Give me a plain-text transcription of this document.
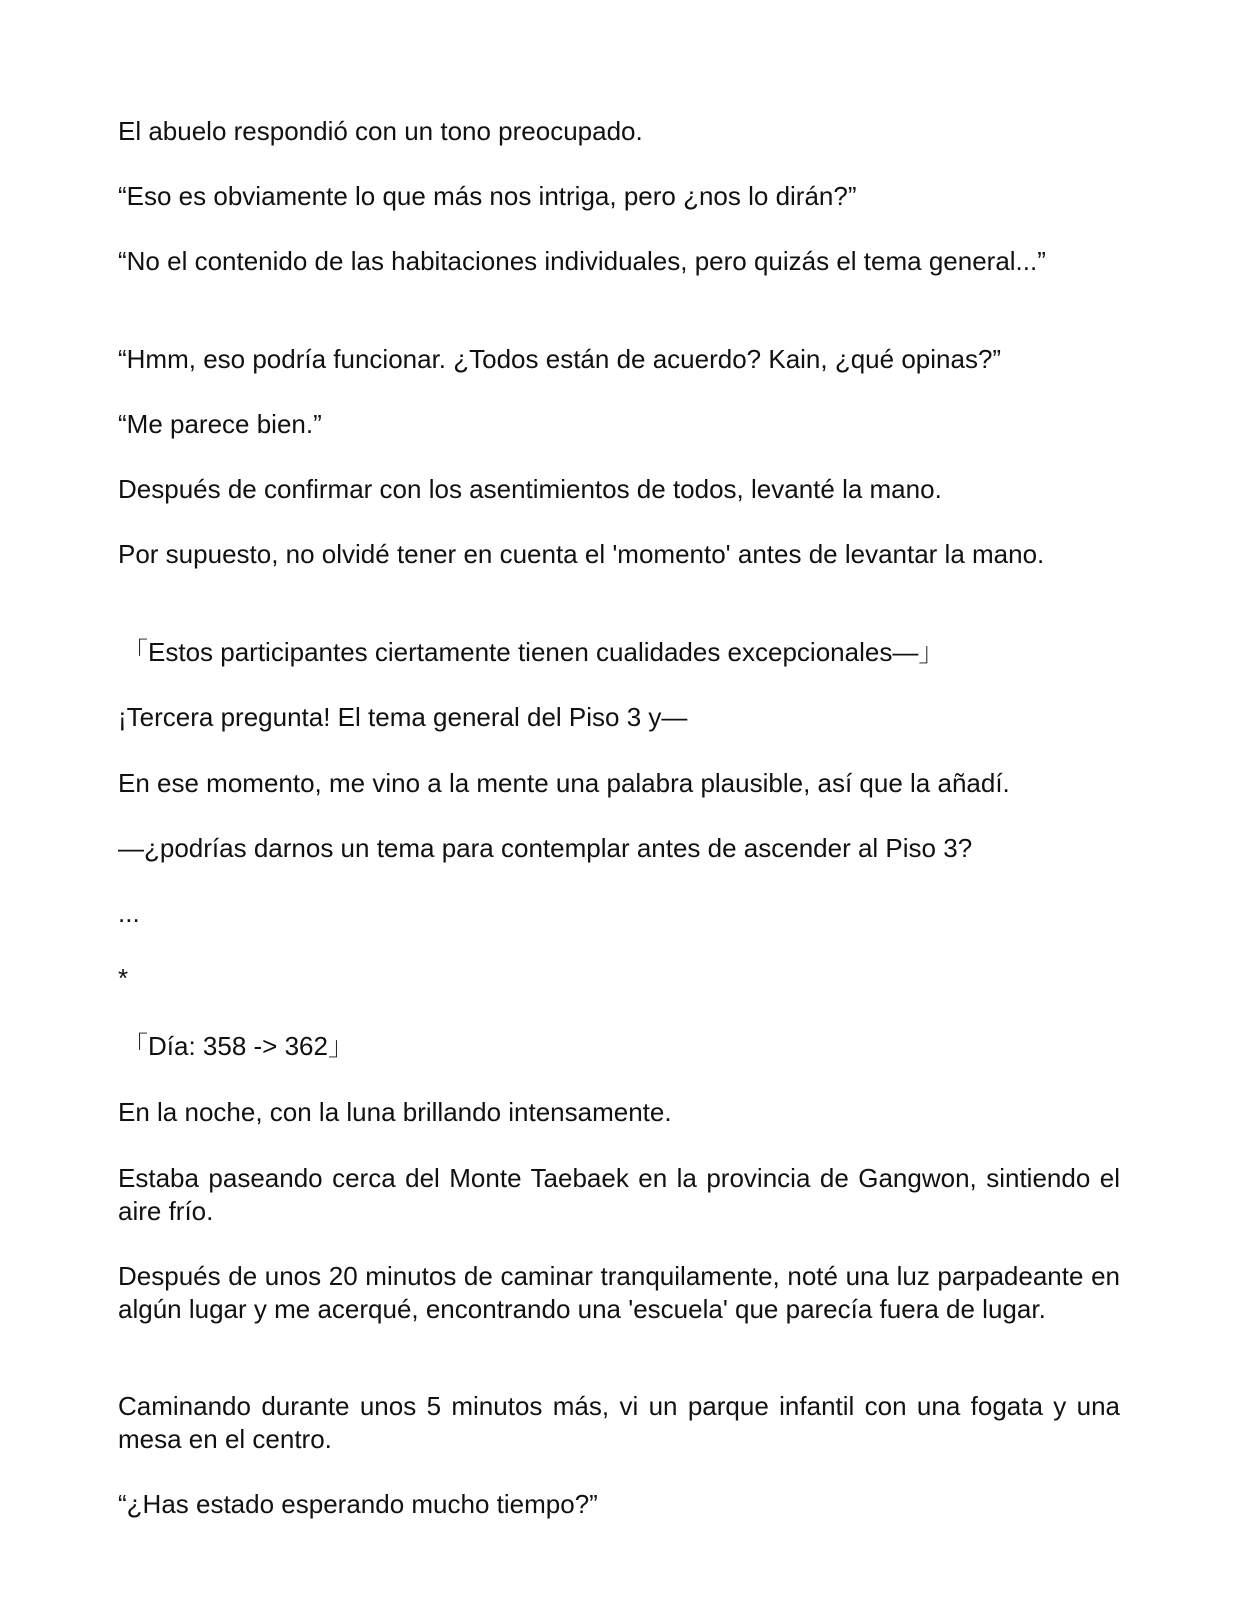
El abuelo respondió con un tono preocupado.

“Eso es obviamente lo que más nos intriga, pero ¿nos lo dirán?”

“No el contenido de las habitaciones individuales, pero quizás el tema general...”

“Hmm, eso podría funcionar. ¿Todos están de acuerdo? Kain, ¿qué opinas?”

“Me parece bien.”

Después de confirmar con los asentimientos de todos, levanté la mano.

Por supuesto, no olvidé tener en cuenta el 'momento' antes de levantar la mano.

「Estos participantes ciertamente tienen cualidades excepcionales—」

¡Tercera pregunta! El tema general del Piso 3 y—

En ese momento, me vino a la mente una palabra plausible, así que la añadí.

—¿podrías darnos un tema para contemplar antes de ascender al Piso 3?

...

*

「Día: 358 -> 362」

En la noche, con la luna brillando intensamente.

Estaba paseando cerca del Monte Taebaek en la provincia de Gangwon, sintiendo el aire frío.

Después de unos 20 minutos de caminar tranquilamente, noté una luz parpadeante en algún lugar y me acerqué, encontrando una 'escuela' que parecía fuera de lugar.

Caminando durante unos 5 minutos más, vi un parque infantil con una fogata y una mesa en el centro.

“¿Has estado esperando mucho tiempo?”
